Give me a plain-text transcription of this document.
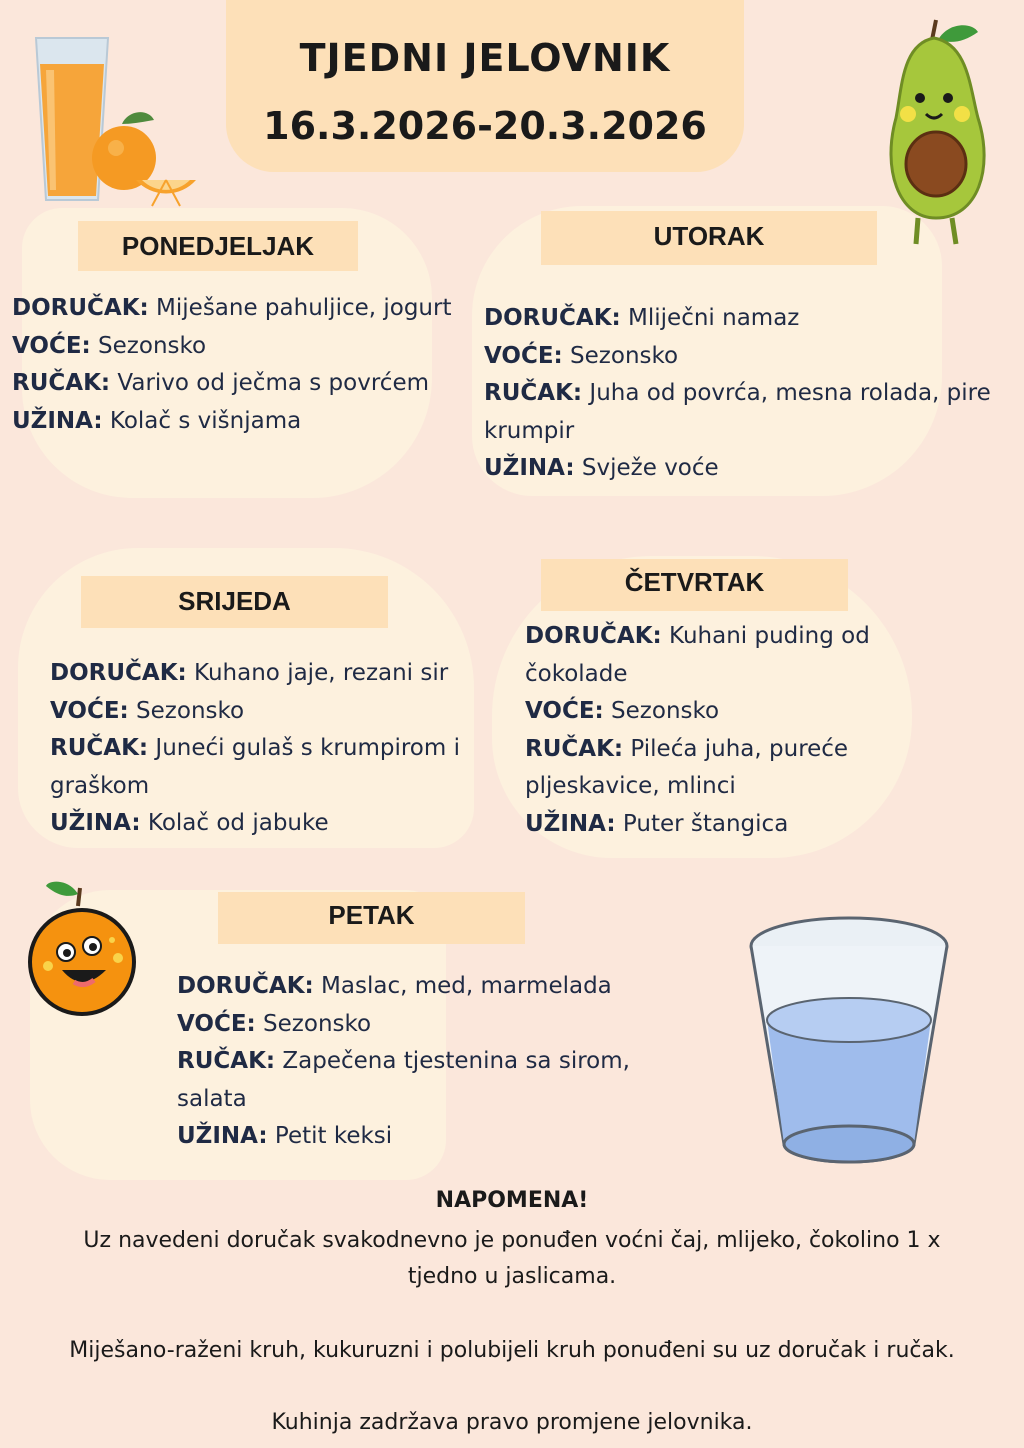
TJEDNI JELOVNIK
16.3.2026-20.3.2026
PONEDJELJAK
DORUČAK: Miješane pahuljice, jogurt
VOĆE: Sezonsko
RUČAK: Varivo od ječma s povrćem
UŽINA: Kolač s višnjama
UTORAK
DORUČAK: Mliječni namaz
VOĆE: Sezonsko
RUČAK: Juha od povrća, mesna rolada, pire krumpir
UŽINA: Svježe voće
SRIJEDA
DORUČAK: Kuhano jaje, rezani sir
VOĆE: Sezonsko
RUČAK: Juneći gulaš s krumpirom i graškom
UŽINA: Kolač od jabuke
ČETVRTAK
DORUČAK: Kuhani puding od čokolade
VOĆE: Sezonsko
RUČAK: Pileća juha, pureće pljeskavice, mlinci
UŽINA: Puter štangica
PETAK
DORUČAK: Maslac, med, marmelada
VOĆE: Sezonsko
RUČAK: Zapečena tjestenina sa sirom, salata
UŽINA: Petit keksi
NAPOMENA!
Uz navedeni doručak svakodnevno je ponuđen voćni čaj, mlijeko, čokolino 1 x
tjedno u jaslicama.
Miješano-raženi kruh, kukuruzni i polubijeli kruh ponuđeni su uz doručak i ručak.
Kuhinja zadržava pravo promjene jelovnika.
